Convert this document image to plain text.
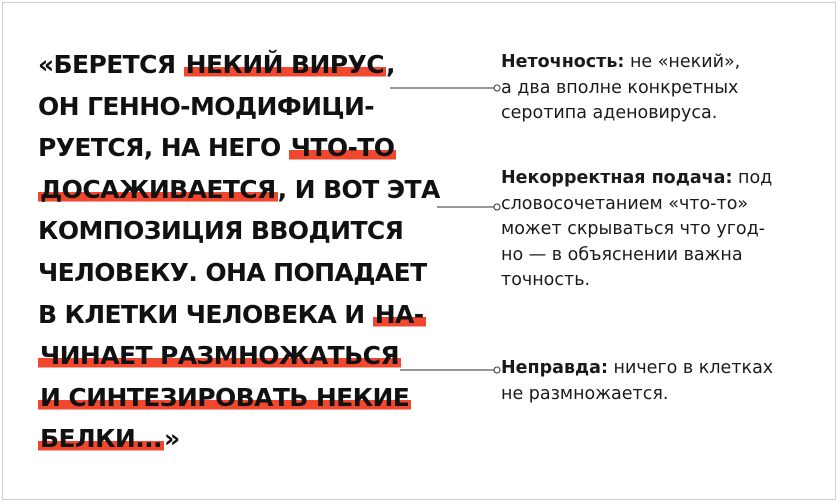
«БЕРЕТСЯ НЕКИЙ ВИРУС,
ОН ГЕННО-МОДИФИЦИ-
РУЕТСЯ, НА НЕГО ЧТО-ТО
ДОСАЖИВАЕТСЯ, И ВОТ ЭТА
КОМПОЗИЦИЯ ВВОДИТСЯ
ЧЕЛОВЕКУ. ОНА ПОПАДАЕТ
В КЛЕТКИ ЧЕЛОВЕКА И НА-
ЧИНАЕТ РАЗМНОЖАТЬСЯ
И СИНТЕЗИРОВАТЬ НЕКИЕ
БЕЛКИ...»
Неточность: не «некий»,
а два вполне конкретных
серотипа аденовируса.
Некорректная подача: под
словосочетанием «что-то»
может скрываться что угод-
но — в объяснении важна
точность.
Неправда: ничего в клетках
не размножается.
